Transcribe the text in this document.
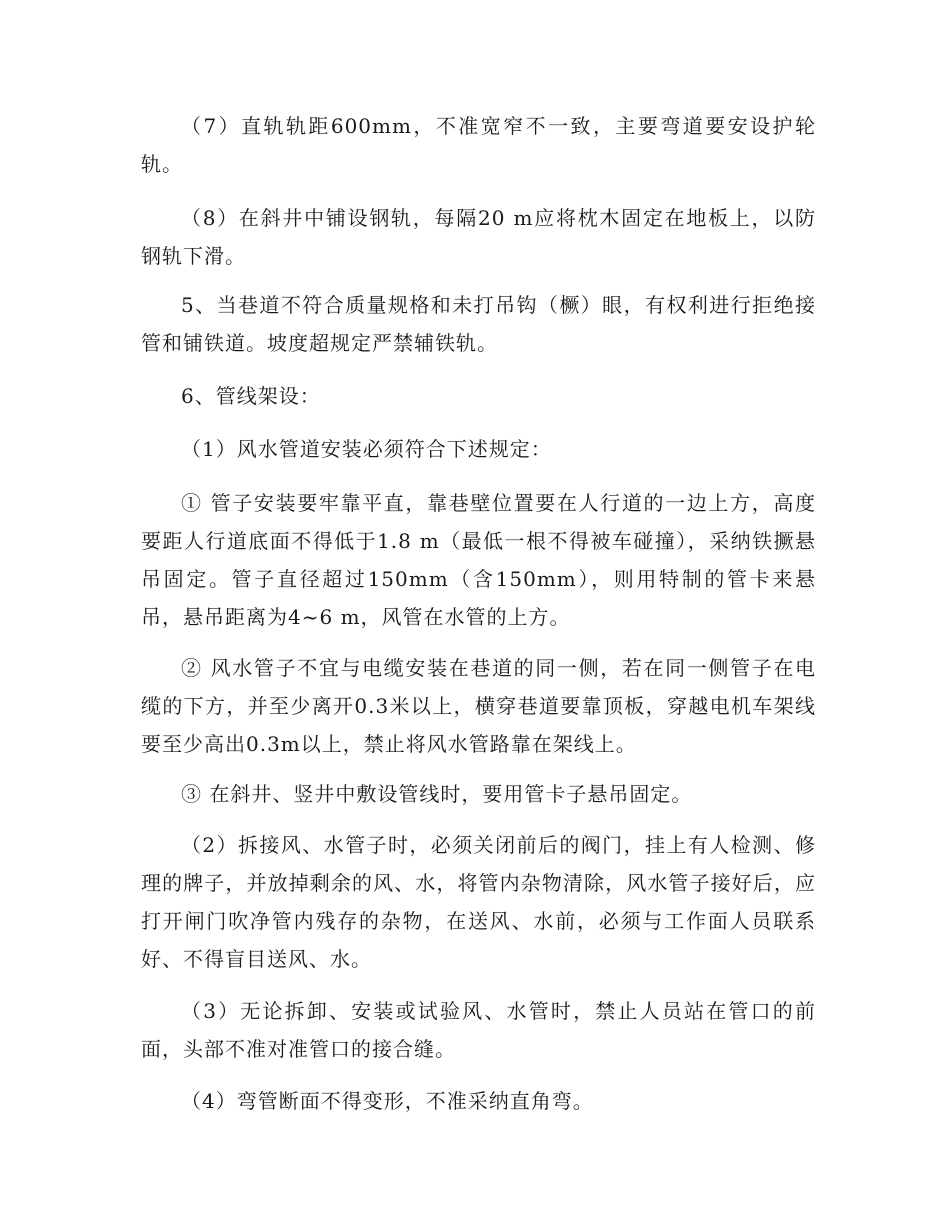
（7）直轨轨距600mm，不准宽窄不一致，主要弯道要安设护轮轨。

（8）在斜井中铺设钢轨，每隔20 m应将枕木固定在地板上，以防钢轨下滑。

5、当巷道不符合质量规格和未打吊钩（橛）眼，有权利进行拒绝接管和铺铁道。坡度超规定严禁辅铁轨。

6、管线架设：

（1）风水管道安装必须符合下述规定：

① 管子安装要牢靠平直，靠巷壁位置要在人行道的一边上方，高度要距人行道底面不得低于1.8 m（最低一根不得被车碰撞），采纳铁撅悬吊固定。管子直径超过150mm（含150mm），则用特制的管卡来悬吊，悬吊距离为4~6 m，风管在水管的上方。

② 风水管子不宜与电缆安装在巷道的同一侧，若在同一侧管子在电缆的下方，并至少离开0.3米以上，横穿巷道要靠顶板，穿越电机车架线要至少高出0.3m以上，禁止将风水管路靠在架线上。

③ 在斜井、竖井中敷设管线时，要用管卡子悬吊固定。

（2）拆接风、水管子时，必须关闭前后的阀门，挂上有人检测、修理的牌子，并放掉剩余的风、水，将管内杂物清除，风水管子接好后，应打开闸门吹净管内残存的杂物，在送风、水前，必须与工作面人员联系好、不得盲目送风、水。

（3）无论拆卸、安装或试验风、水管时，禁止人员站在管口的前面，头部不准对准管口的接合缝。

（4）弯管断面不得变形，不准采纳直角弯。
